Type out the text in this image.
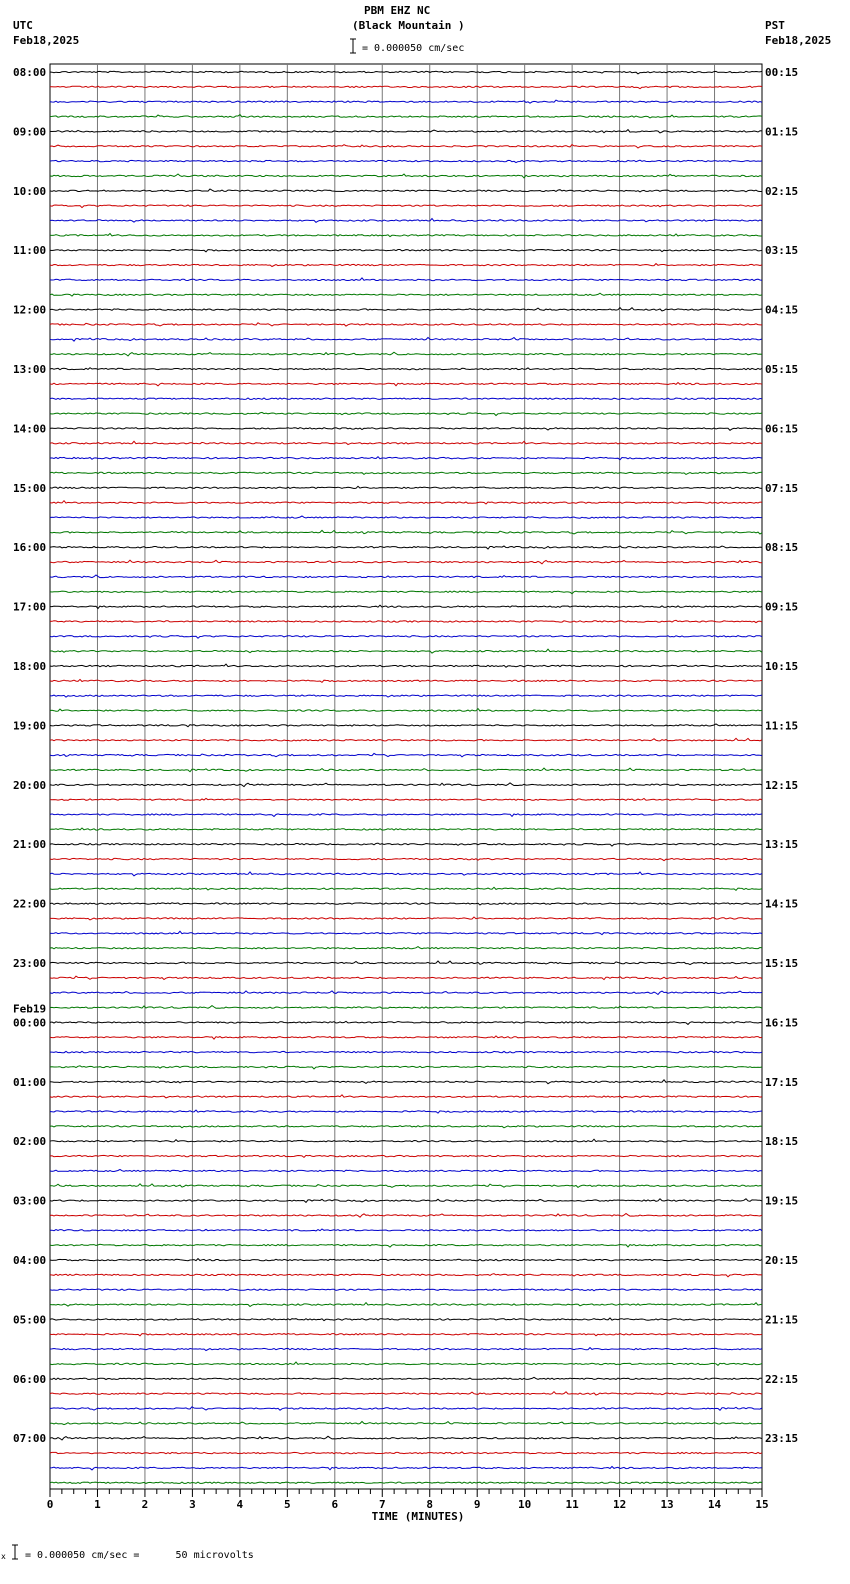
PBM EHZ NC
(Black Mountain )
UTC
Feb18,2025
PST
Feb18,2025
= 0.000050 cm/sec
08:00
09:00
10:00
11:00
12:00
13:00
14:00
15:00
16:00
17:00
18:00
19:00
20:00
21:00
22:00
23:00
00:00
Feb19
01:00
02:00
03:00
04:00
05:00
06:00
07:00
00:15
01:15
02:15
03:15
04:15
05:15
06:15
07:15
08:15
09:15
10:15
11:15
12:15
13:15
14:15
15:15
16:15
17:15
18:15
19:15
20:15
21:15
22:15
23:15
0	1	2	3	4	5	6	7	8	9	10	11	12	13	14	15
TIME (MINUTES)
x = 0.000050 cm/sec =      50 microvolts
